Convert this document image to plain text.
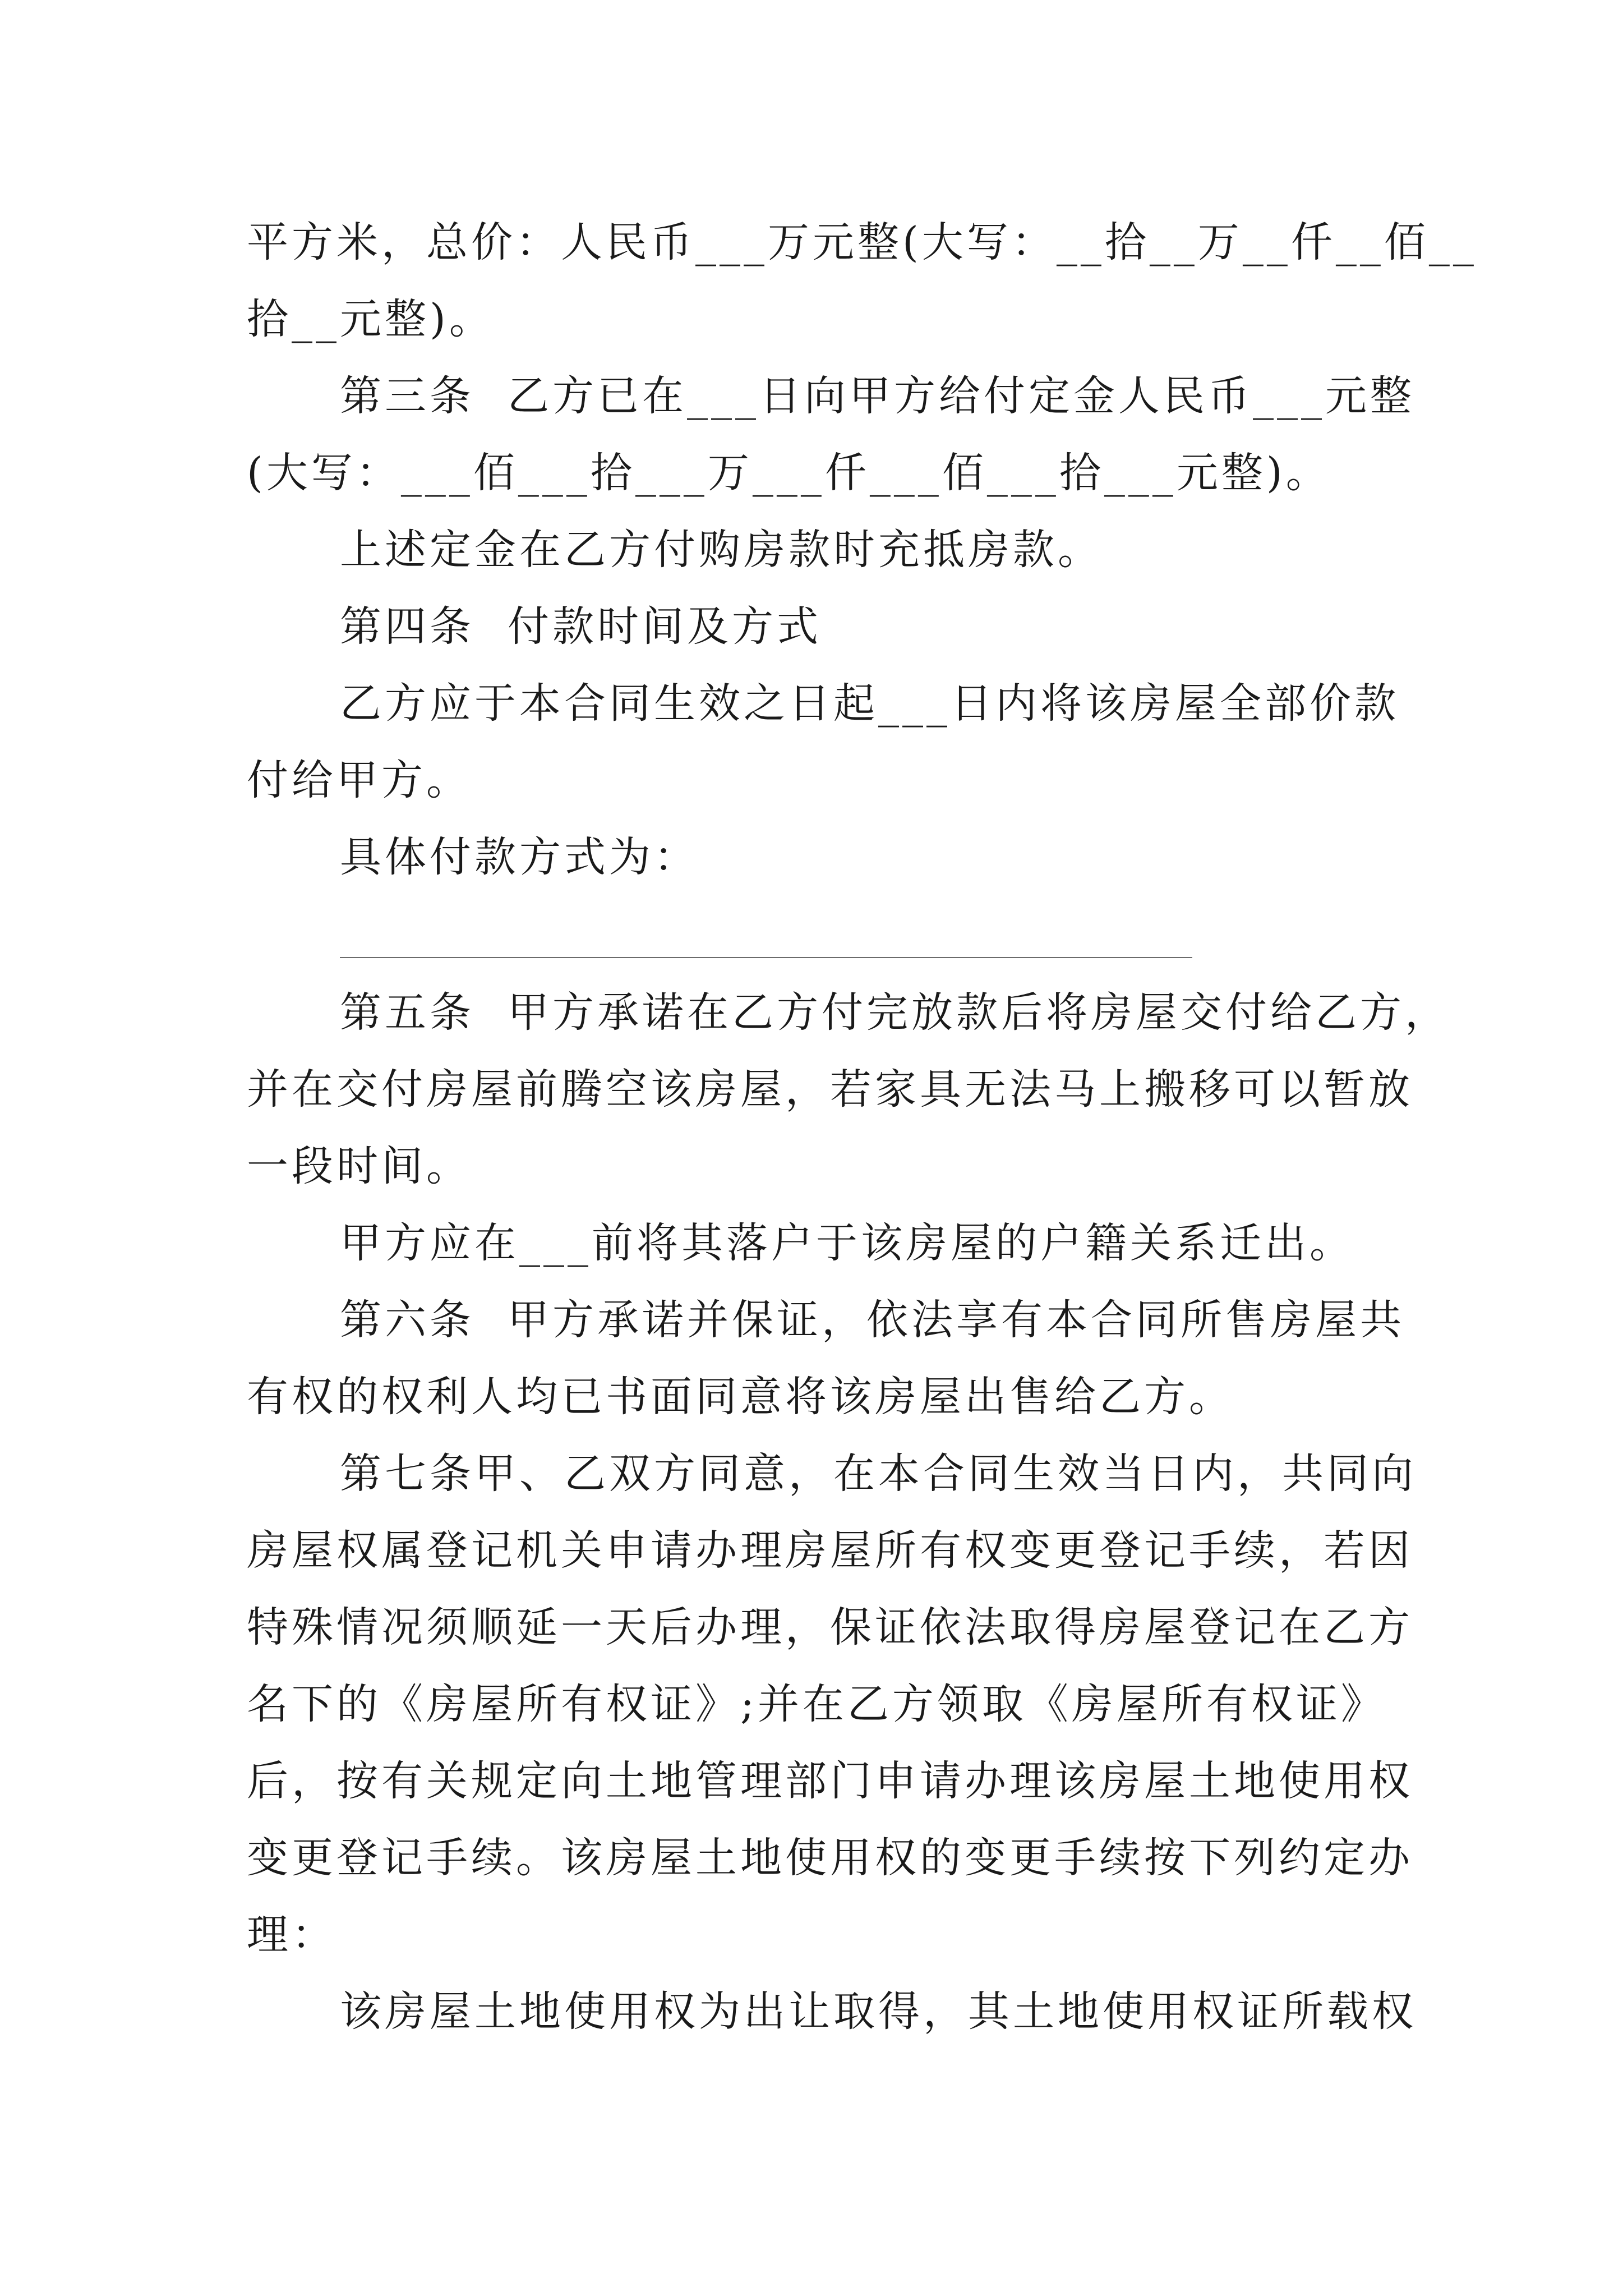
平方米，总价：人民币___万元整(大写：__拾__万__仟__佰__
拾__元整)。
第三条  乙方已在___日向甲方给付定金人民币___元整
(大写：___佰___拾___万___仟___佰___拾___元整)。
上述定金在乙方付购房款时充抵房款。
第四条  付款时间及方式
乙方应于本合同生效之日起___日内将该房屋全部价款
付给甲方。
具体付款方式为：
第五条  甲方承诺在乙方付完放款后将房屋交付给乙方，
并在交付房屋前腾空该房屋，若家具无法马上搬移可以暂放
一段时间。
甲方应在___前将其落户于该房屋的户籍关系迁出。
第六条  甲方承诺并保证，依法享有本合同所售房屋共
有权的权利人均已书面同意将该房屋出售给乙方。
第七条甲、乙双方同意，在本合同生效当日内，共同向
房屋权属登记机关申请办理房屋所有权变更登记手续，若因
特殊情况须顺延一天后办理，保证依法取得房屋登记在乙方
名下的《房屋所有权证》;并在乙方领取《房屋所有权证》
后，按有关规定向土地管理部门申请办理该房屋土地使用权
变更登记手续。该房屋土地使用权的变更手续按下列约定办
理：
该房屋土地使用权为出让取得，其土地使用权证所载权
